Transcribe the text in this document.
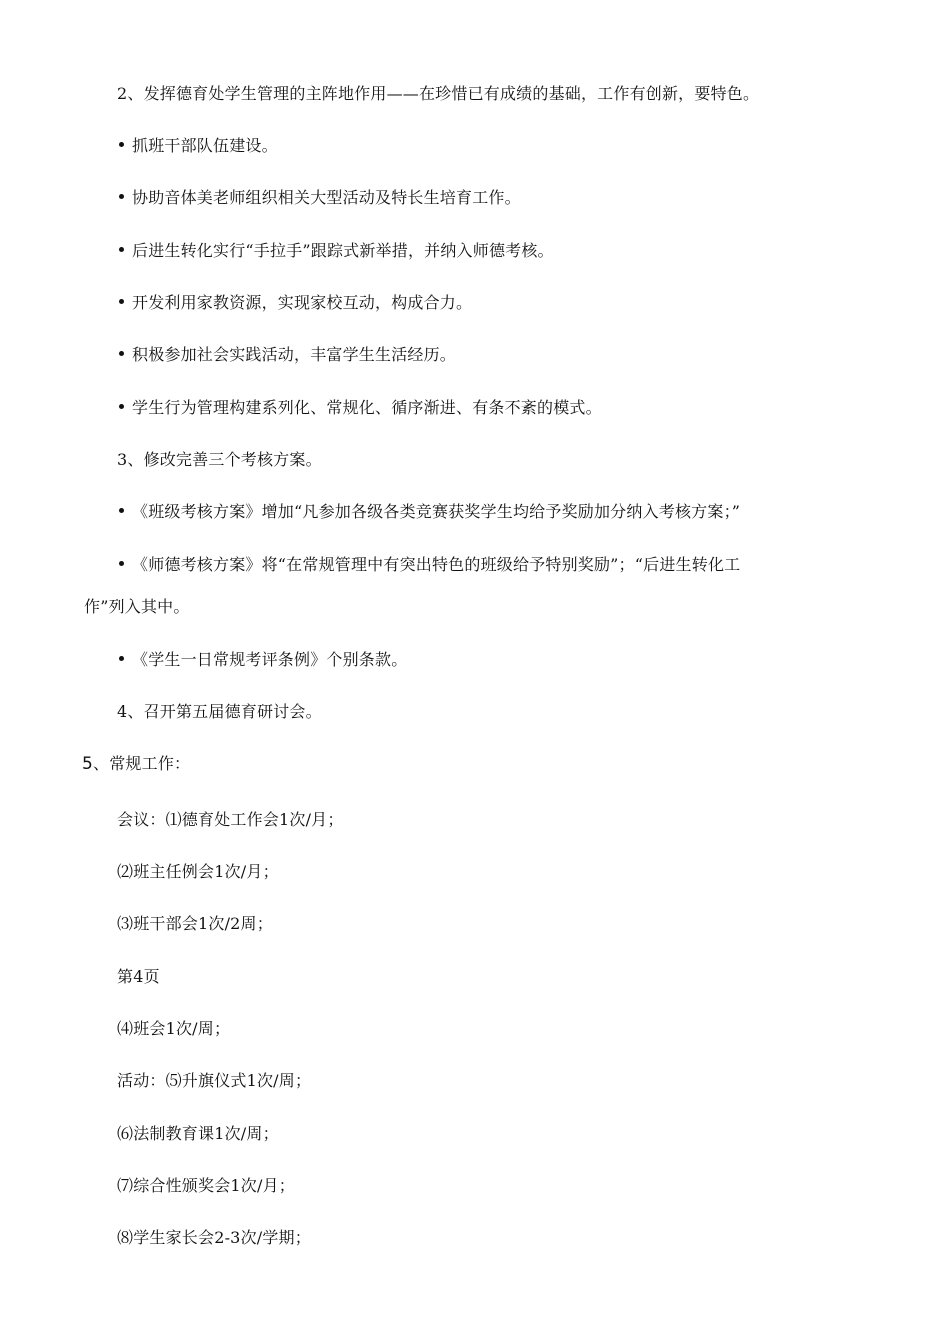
2、发挥德育处学生管理的主阵地作用——在珍惜已有成绩的基础，工作有创新，要特色。
抓班干部队伍建设。
协助音体美老师组织相关大型活动及特长生培育工作。
后进生转化实行“手拉手”跟踪式新举措，并纳入师德考核。
开发利用家教资源，实现家校互动，构成合力。
积极参加社会实践活动，丰富学生生活经历。
学生行为管理构建系列化、常规化、循序渐进、有条不紊的模式。
3、修改完善三个考核方案。
《班级考核方案》增加“凡参加各级各类竞赛获奖学生均给予奖励加分纳入考核方案；”
《师德考核方案》将“在常规管理中有突出特色的班级给予特别奖励”；“后进生转化工
作”列入其中。
《学生一日常规考评条例》个别条款。
4、召开第五届德育研讨会。
5、常规工作：
会议：⑴德育处工作会1次/月；
⑵班主任例会1次/月；
⑶班干部会1次/2周；
第4页
⑷班会1次/周；
活动：⑸升旗仪式1次/周；
⑹法制教育课1次/周；
⑺综合性颁奖会1次/月；
⑻学生家长会2-3次/学期；
